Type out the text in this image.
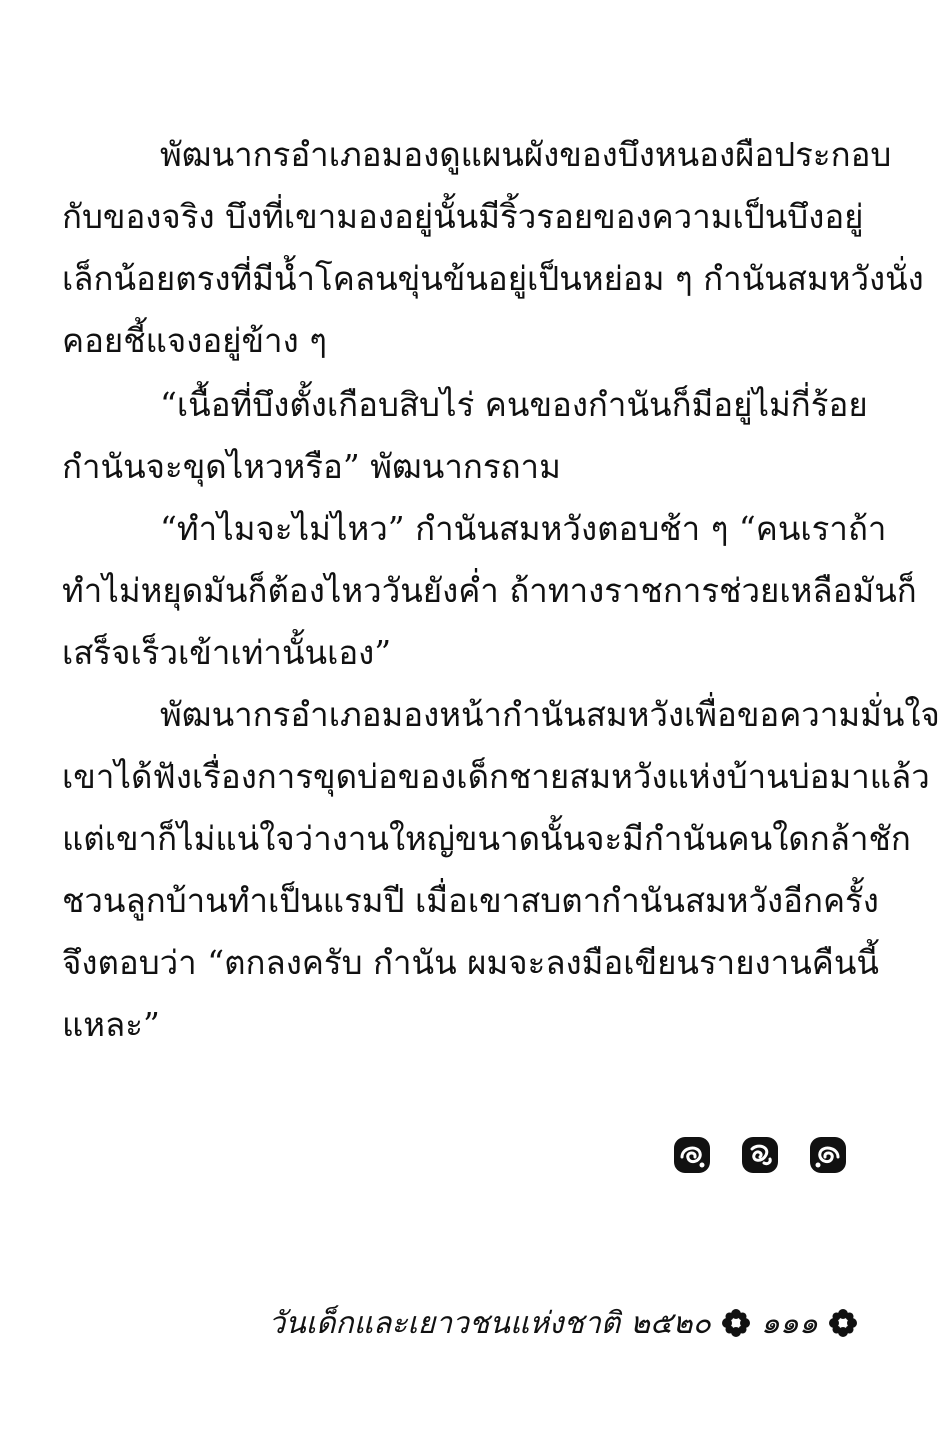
พัฒนากรอำเภอมองดูแผนผังของบึงหนองผือประกอบ
กับของจริง บึงที่เขามองอยู่นั้นมีริ้วรอยของความเป็นบึงอยู่
เล็กน้อยตรงที่มีน้ำโคลนขุ่นข้นอยู่เป็นหย่อม ๆ กำนันสมหวังนั่ง
คอยชี้แจงอยู่ข้าง ๆ
“เนื้อที่บึงตั้งเกือบสิบไร่ คนของกำนันก็มีอยู่ไม่กี่ร้อย
กำนันจะขุดไหวหรือ” พัฒนากรถาม
“ทำไมจะไม่ไหว” กำนันสมหวังตอบช้า ๆ “คนเราถ้า
ทำไม่หยุดมันก็ต้องไหววันยังค่ำ ถ้าทางราชการช่วยเหลือมันก็
เสร็จเร็วเข้าเท่านั้นเอง”
พัฒนากรอำเภอมองหน้ากำนันสมหวังเพื่อขอความมั่นใจ
เขาได้ฟังเรื่องการขุดบ่อของเด็กชายสมหวังแห่งบ้านบ่อมาแล้ว
แต่เขาก็ไม่แน่ใจว่างานใหญ่ขนาดนั้นจะมีกำนันคนใดกล้าชัก
ชวนลูกบ้านทำเป็นแรมปี เมื่อเขาสบตากำนันสมหวังอีกครั้ง
จึงตอบว่า “ตกลงครับ กำนัน ผมจะลงมือเขียนรายงานคืนนี้
แหละ”
วันเด็กและเยาวชนแห่งชาติ ๒๕๒๐ ๑๑๑
